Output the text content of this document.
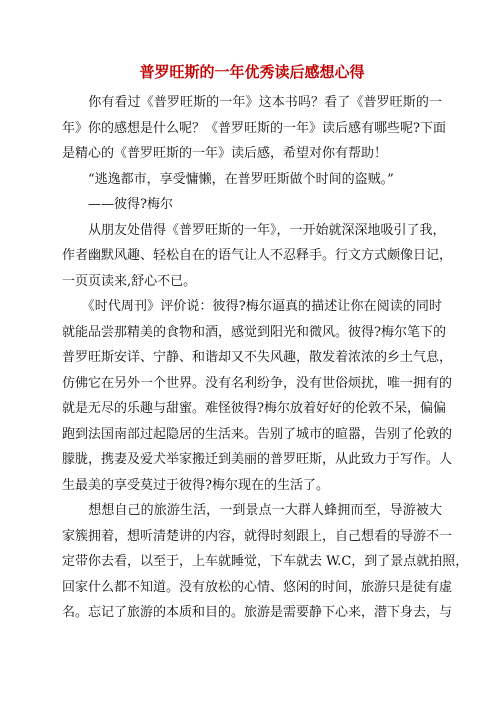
普罗旺斯的一年优秀读后感想心得
　　你有看过《普罗旺斯的一年》这本书吗？看了《普罗旺斯的一
年》你的感想是什么呢？《普罗旺斯的一年》读后感有哪些呢?下面
是精心的《普罗旺斯的一年》读后感，希望对你有帮助！
　　“逃逸都市，享受慵懒，在普罗旺斯做个时间的盗贼。”
　　——彼得?梅尔
　　从朋友处借得《普罗旺斯的一年》，一开始就深深地吸引了我，
作者幽默风趣、轻松自在的语气让人不忍释手。行文方式颇像日记，
一页页读来,舒心不已。
　　《时代周刊》评价说：彼得?梅尔逼真的描述让你在阅读的同时
就能品尝那精美的食物和酒，感觉到阳光和微风。彼得?梅尔笔下的
普罗旺斯安详、宁静、和谐却又不失风趣，散发着浓浓的乡土气息，
仿佛它在另外一个世界。没有名利纷争，没有世俗烦扰，唯一拥有的
就是无尽的乐趣与甜蜜。难怪彼得?梅尔放着好好的伦敦不呆，偏偏
跑到法国南部过起隐居的生活来。告别了城市的暄嚣，告别了伦敦的
朦胧，携妻及爱犬举家搬迁到美丽的普罗旺斯，从此致力于写作。人
生最美的享受莫过于彼得?梅尔现在的生活了。
　　想想自己的旅游生活，一到景点一大群人蜂拥而至，导游被大
家簇拥着，想听清楚讲的内容，就得时刻跟上，自己想看的导游不一
定带你去看，以至于，上车就睡觉，下车就去 W.C，到了景点就拍照，
回家什么都不知道。没有放松的心情、悠闲的时间，旅游只是徒有虚
名。忘记了旅游的本质和目的。旅游是需要静下心来，潜下身去，与
